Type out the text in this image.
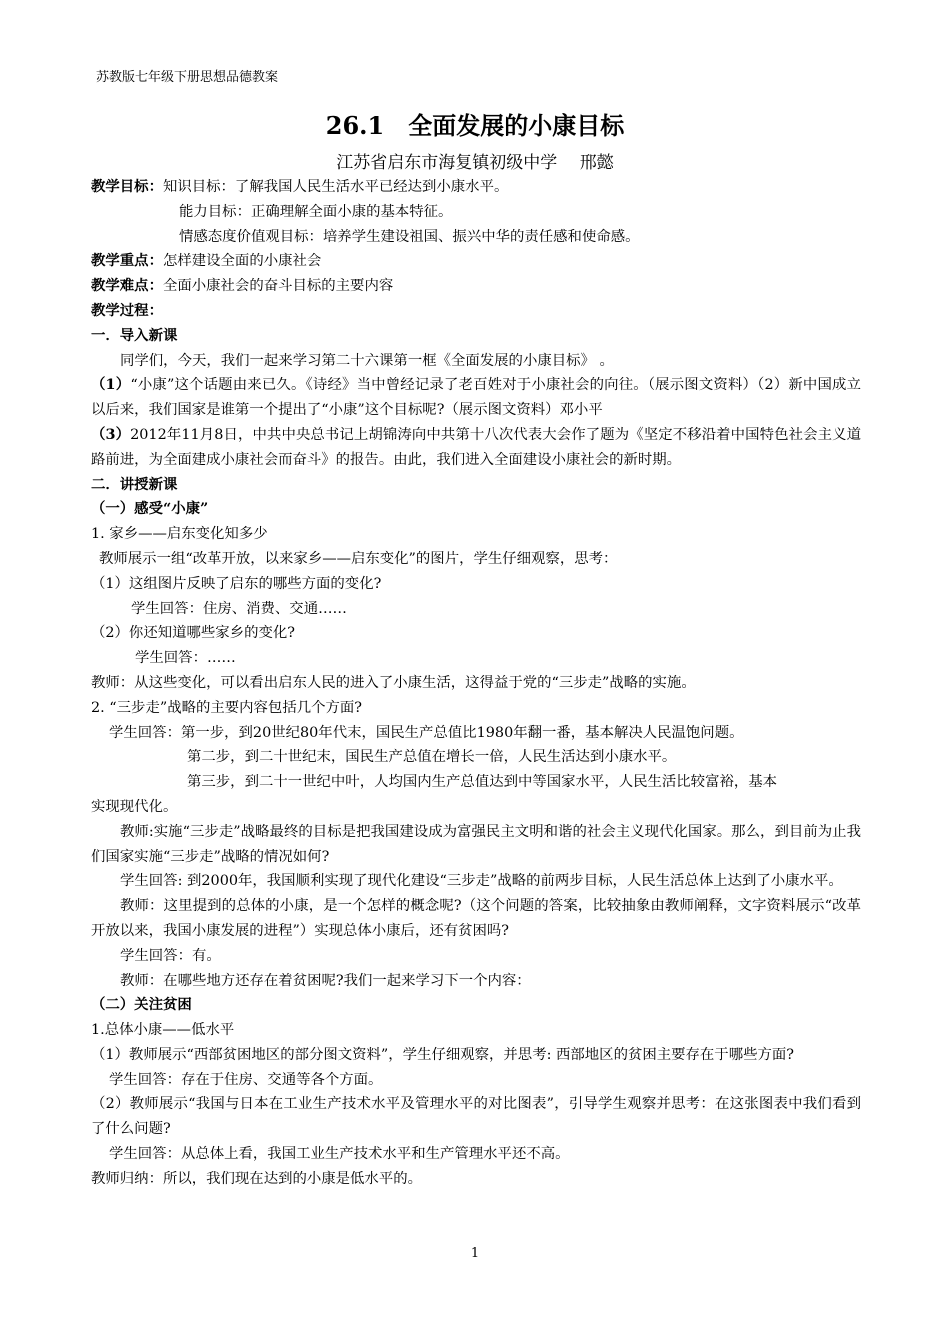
苏教版七年级下册思想品德教案
26.1　全面发展的小康目标
江苏省启东市海复镇初级中学　 邢懿

教学目标：知识目标：了解我国人民生活水平已经达到小康水平。

能力目标：正确理解全面小康的基本特征。

情感态度价值观目标：培养学生建设祖国、振兴中华的责任感和使命感。

教学重点：怎样建设全面的小康社会

教学难点：全面小康社会的奋斗目标的主要内容

教学过程：

一．导入新课

同学们，今天，我们一起来学习第二十六课第一框《全面发展的小康目标》 。

（1）“小康”这个话题由来已久。《诗经》当中曾经记录了老百姓对于小康社会的向往。（展示图文资料）（2）新中国成立以后来，我们国家是谁第一个提出了“小康”这个目标呢?（展示图文资料）邓小平

（3）2012年11月8日，中共中央总书记上胡锦涛向中共第十八次代表大会作了题为《坚定不移沿着中国特色社会主义道路前进，为全面建成小康社会而奋斗》的报告。由此，我们进入全面建设小康社会的新时期。

二．讲授新课

（一）感受“小康”

1. 家乡——启东变化知多少

教师展示一组“改革开放，以来家乡——启东变化”的图片，学生仔细观察，思考：

（1）这组图片反映了启东的哪些方面的变化?

学生回答：住房、消费、交通……

（2）你还知道哪些家乡的变化?

学生回答：……

教师：从这些变化，可以看出启东人民的进入了小康生活，这得益于党的“三步走”战略的实施。

2. “三步走”战略的主要内容包括几个方面?

学生回答：第一步，到20世纪80年代末，国民生产总值比1980年翻一番，基本解决人民温饱问题。

第二步，到二十世纪末，国民生产总值在增长一倍，人民生活达到小康水平。

第三步，到二十一世纪中叶，人均国内生产总值达到中等国家水平，人民生活比较富裕，基本

实现现代化。

教师:实施“三步走”战略最终的目标是把我国建设成为富强民主文明和谐的社会主义现代化国家。那么，到目前为止我们国家实施“三步走”战略的情况如何?

学生回答: 到2000年，我国顺利实现了现代化建设“三步走”战略的前两步目标，人民生活总体上达到了小康水平。

教师：这里提到的总体的小康，是一个怎样的概念呢?（这个问题的答案，比较抽象由教师阐释，文字资料展示“改革开放以来，我国小康发展的进程”）实现总体小康后，还有贫困吗?

学生回答：有。

教师：在哪些地方还存在着贫困呢?我们一起来学习下一个内容：

（二）关注贫困

1.总体小康——低水平

（1）教师展示“西部贫困地区的部分图文资料”，学生仔细观察，并思考: 西部地区的贫困主要存在于哪些方面?

学生回答：存在于住房、交通等各个方面。

（2）教师展示“我国与日本在工业生产技术水平及管理水平的对比图表”，引导学生观察并思考：在这张图表中我们看到了什么问题?

学生回答：从总体上看，我国工业生产技术水平和生产管理水平还不高。

教师归纳：所以，我们现在达到的小康是低水平的。

1
